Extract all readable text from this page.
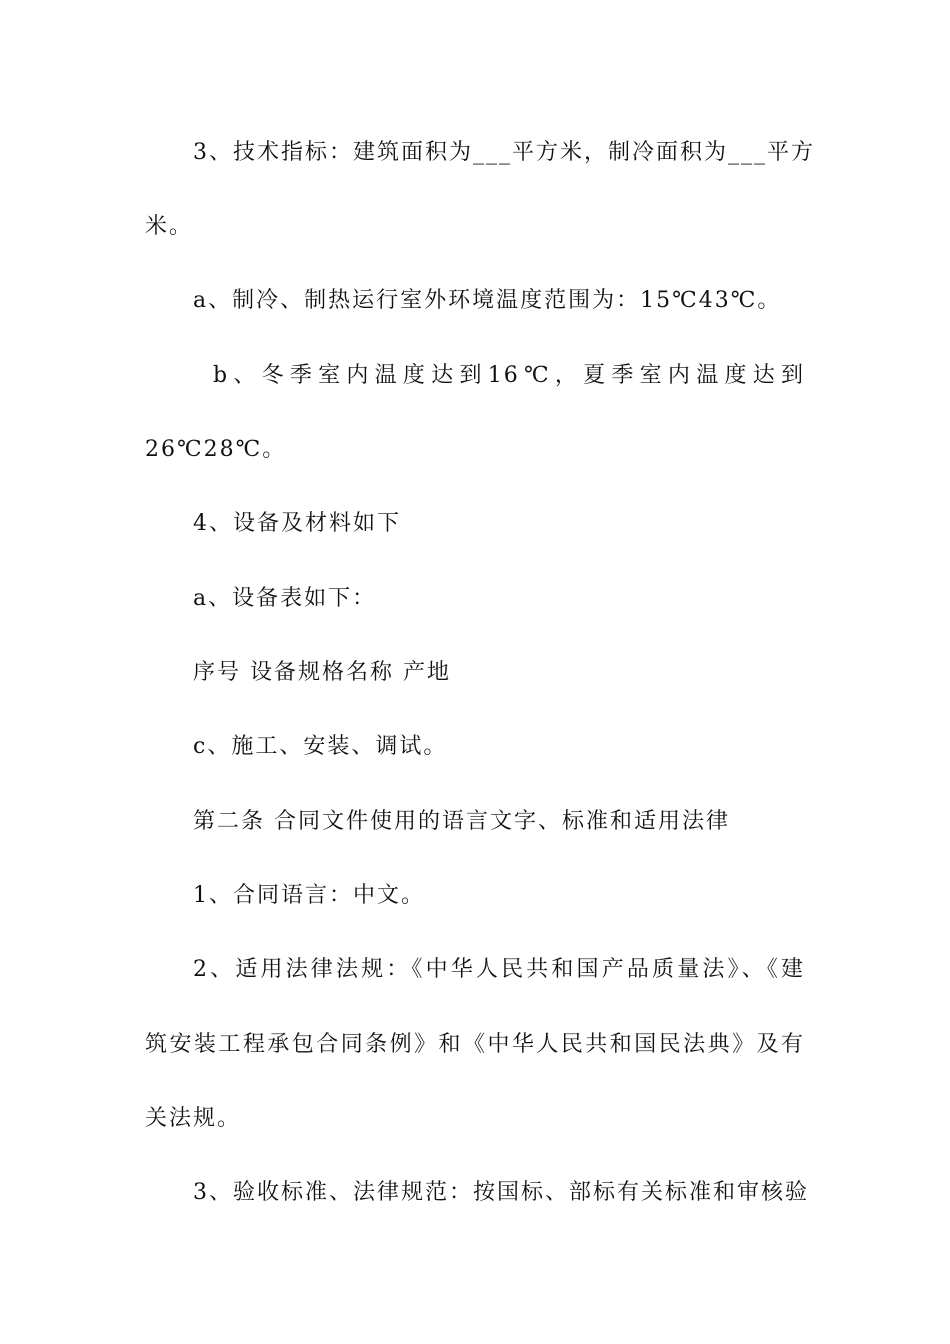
3、技术指标：建筑面积为___平方米，制冷面积为___平方
米。
a、制冷、制热运行室外环境温度范围为：15℃43℃。
b、冬季室内温度达到16℃，夏季室内温度达到
26℃28℃。
4、设备及材料如下
a、设备表如下：
序号 设备规格名称 产地
c、施工、安装、调试。
第二条 合同文件使用的语言文字、标准和适用法律
1、合同语言：中文。
2、适用法律法规：《中华人民共和国产品质量法》、《建
筑安装工程承包合同条例》和《中华人民共和国民法典》及有
关法规。
3、验收标准、法律规范：按国标、部标有关标准和审核验
